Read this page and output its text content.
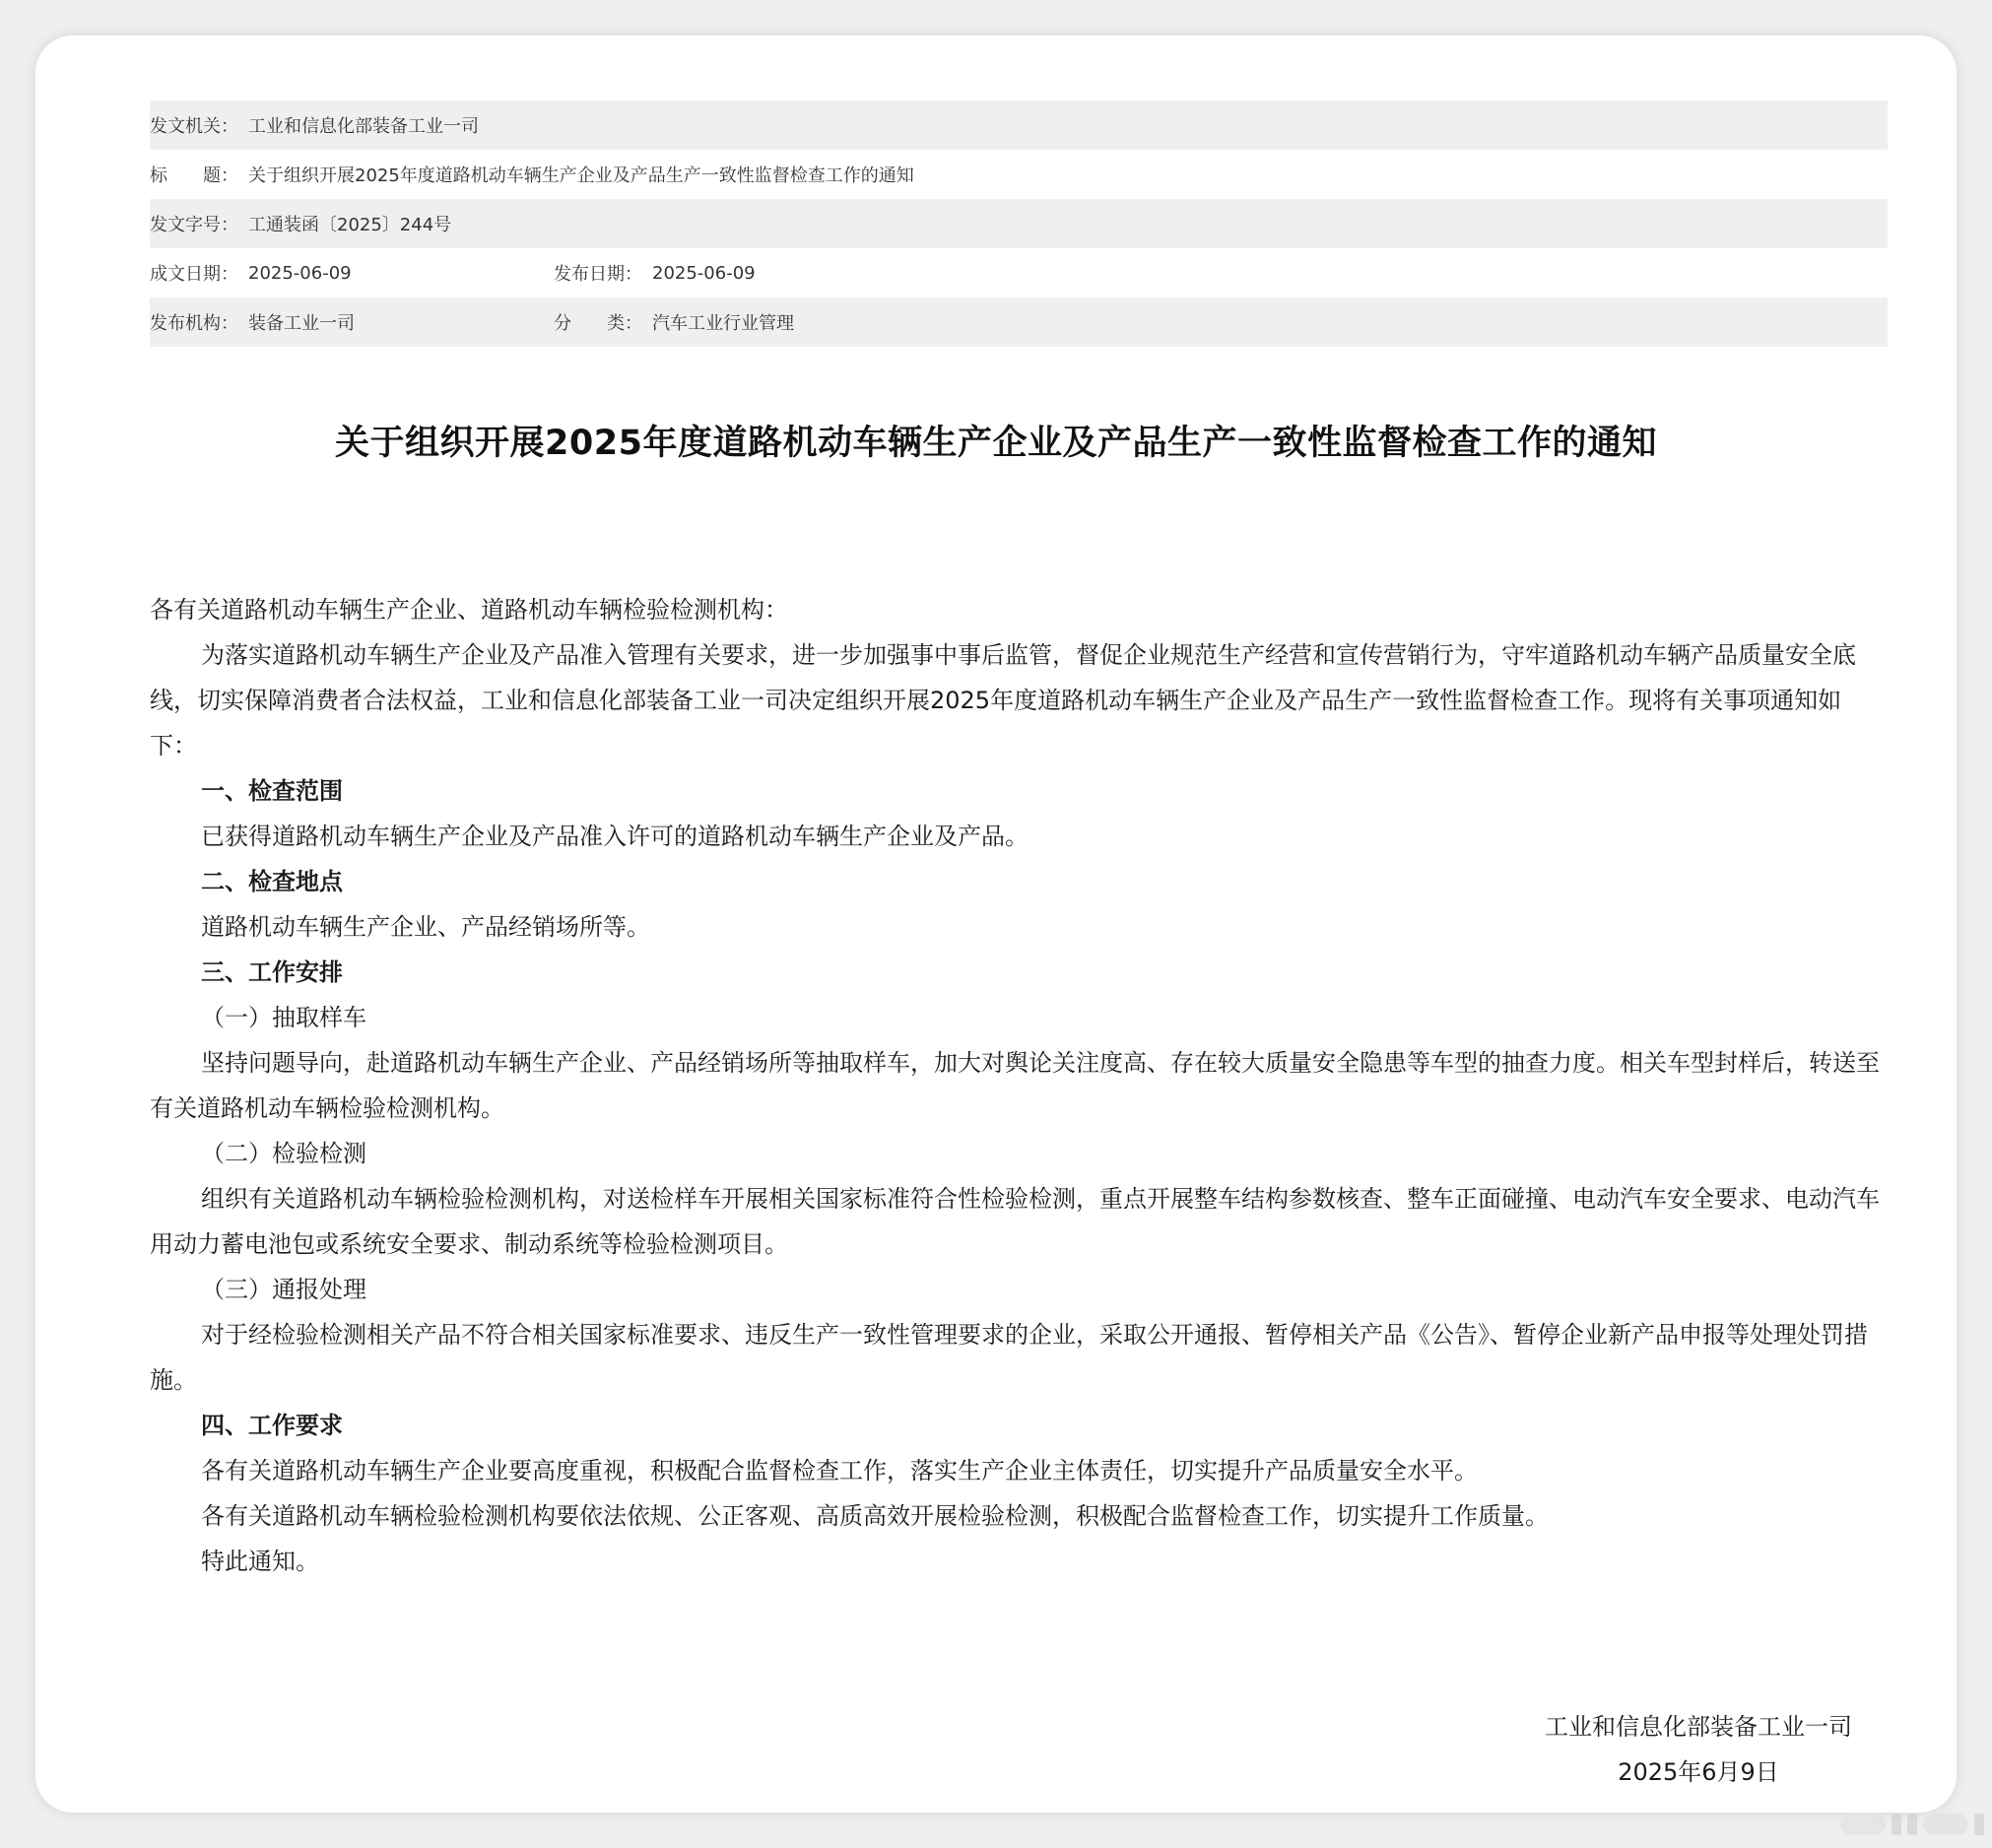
发文机关： 工业和信息化部装备工业一司
标　　题： 关于组织开展2025年度道路机动车辆生产企业及产品生产一致性监督检查工作的通知
发文字号： 工通装函〔2025〕244号
成文日期： 2025-06-09	发布日期： 2025-06-09
发布机构： 装备工业一司	分　　类： 汽车工业行业管理
关于组织开展2025年度道路机动车辆生产企业及产品生产一致性监督检查工作的通知

各有关道路机动车辆生产企业、道路机动车辆检验检测机构：

为落实道路机动车辆生产企业及产品准入管理有关要求，进一步加强事中事后监管，督促企业规范生产经营和宣传营销行为，守牢道路机动车辆产品质量安全底线，切实保障消费者合法权益，工业和信息化部装备工业一司决定组织开展2025年度道路机动车辆生产企业及产品生产一致性监督检查工作。现将有关事项通知如下：

一、检查范围

已获得道路机动车辆生产企业及产品准入许可的道路机动车辆生产企业及产品。

二、检查地点

道路机动车辆生产企业、产品经销场所等。

三、工作安排

（一）抽取样车

坚持问题导向，赴道路机动车辆生产企业、产品经销场所等抽取样车，加大对舆论关注度高、存在较大质量安全隐患等车型的抽查力度。相关车型封样后，转送至有关道路机动车辆检验检测机构。

（二）检验检测

组织有关道路机动车辆检验检测机构，对送检样车开展相关国家标准符合性检验检测，重点开展整车结构参数核查、整车正面碰撞、电动汽车安全要求、电动汽车用动力蓄电池包或系统安全要求、制动系统等检验检测项目。

（三）通报处理

对于经检验检测相关产品不符合相关国家标准要求、违反生产一致性管理要求的企业，采取公开通报、暂停相关产品《公告》、暂停企业新产品申报等处理处罚措施。

四、工作要求

各有关道路机动车辆生产企业要高度重视，积极配合监督检查工作，落实生产企业主体责任，切实提升产品质量安全水平。

各有关道路机动车辆检验检测机构要依法依规、公正客观、高质高效开展检验检测，积极配合监督检查工作，切实提升工作质量。

特此通知。

工业和信息化部装备工业一司
2025年6月9日
